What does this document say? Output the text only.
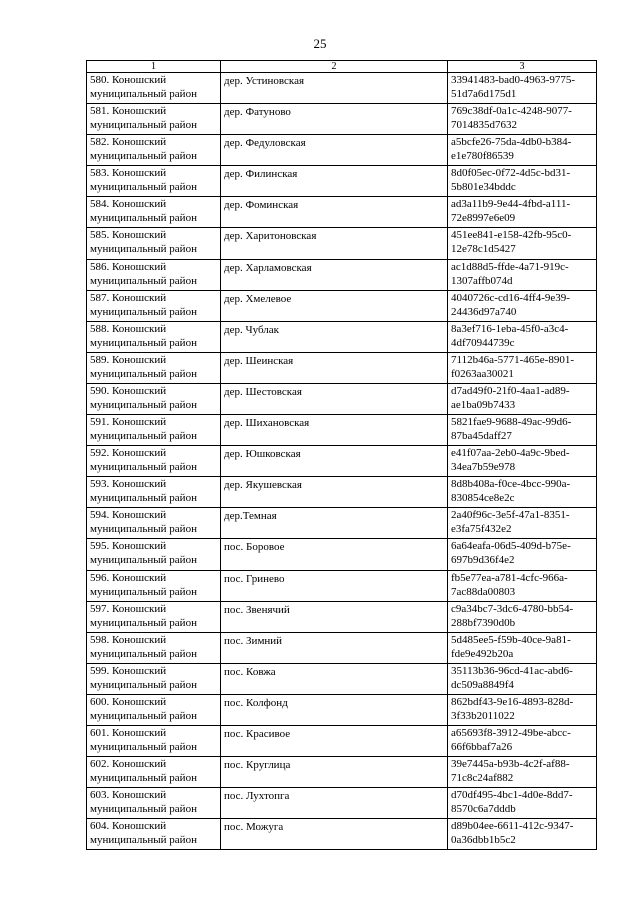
25
1	2	3

580. Коношский
муниципальный район	дер. Устиновская	33941483-bad0-4963-9775-
51d7a6d175d1

581. Коношский
муниципальный район	дер. Фатуново	769c38df-0a1c-4248-9077-
7014835d7632

582. Коношский
муниципальный район	дер. Федуловская	a5bcfe26-75da-4db0-b384-
e1e780f86539

583. Коношский
муниципальный район	дер. Филинская	8d0f05ec-0f72-4d5c-bd31-
5b801e34bddc

584. Коношский
муниципальный район	дер. Фоминская	ad3a11b9-9e44-4fbd-a111-
72e8997e6e09

585. Коношский
муниципальный район	дер. Харитоновская	451ee841-e158-42fb-95c0-
12e78c1d5427

586. Коношский
муниципальный район	дер. Харламовская	ac1d88d5-ffde-4a71-919c-
1307affb074d

587. Коношский
муниципальный район	дер. Хмелевое	4040726c-cd16-4ff4-9e39-
24436d97a740

588. Коношский
муниципальный район	дер. Чублак	8a3ef716-1eba-45f0-a3c4-
4df70944739c

589. Коношский
муниципальный район	дер. Шеинская	7112b46a-5771-465e-8901-
f0263aa30021

590. Коношский
муниципальный район	дер. Шестовская	d7ad49f0-21f0-4aa1-ad89-
ae1ba09b7433

591. Коношский
муниципальный район	дер. Шихановская	5821fae9-9688-49ac-99d6-
87ba45daff27

592. Коношский
муниципальный район	дер. Юшковская	e41f07aa-2eb0-4a9c-9bed-
34ea7b59e978

593. Коношский
муниципальный район	дер. Якушевская	8d8b408a-f0ce-4bcc-990a-
830854ce8e2c

594. Коношский
муниципальный район	дер.Темная	2a40f96c-3e5f-47a1-8351-
e3fa75f432e2

595. Коношский
муниципальный район	пос. Боровое	6a64eafa-06d5-409d-b75e-
697b9d36f4e2

596. Коношский
муниципальный район	пос. Гринево	fb5e77ea-a781-4cfc-966a-
7ac88da00803

597. Коношский
муниципальный район	пос. Звенячий	c9a34bc7-3dc6-4780-bb54-
288bf7390d0b

598. Коношский
муниципальный район	пос. Зимний	5d485ee5-f59b-40ce-9a81-
fde9e492b20a

599. Коношский
муниципальный район	пос. Ковжа	35113b36-96cd-41ac-abd6-
dc509a8849f4

600. Коношский
муниципальный район	пос. Колфонд	862bdf43-9e16-4893-828d-
3f33b2011022

601. Коношский
муниципальный район	пос. Красивое	a65693f8-3912-49be-abcc-
66f6bbaf7a26

602. Коношский
муниципальный район	пос. Круглица	39e7445a-b93b-4c2f-af88-
71c8c24af882

603. Коношский
муниципальный район	пос. Лухтопга	d70df495-4bc1-4d0e-8dd7-
8570c6a7dddb

604. Коношский
муниципальный район	пос. Можуга	d89b04ee-6611-412c-9347-
0a36dbb1b5c2
